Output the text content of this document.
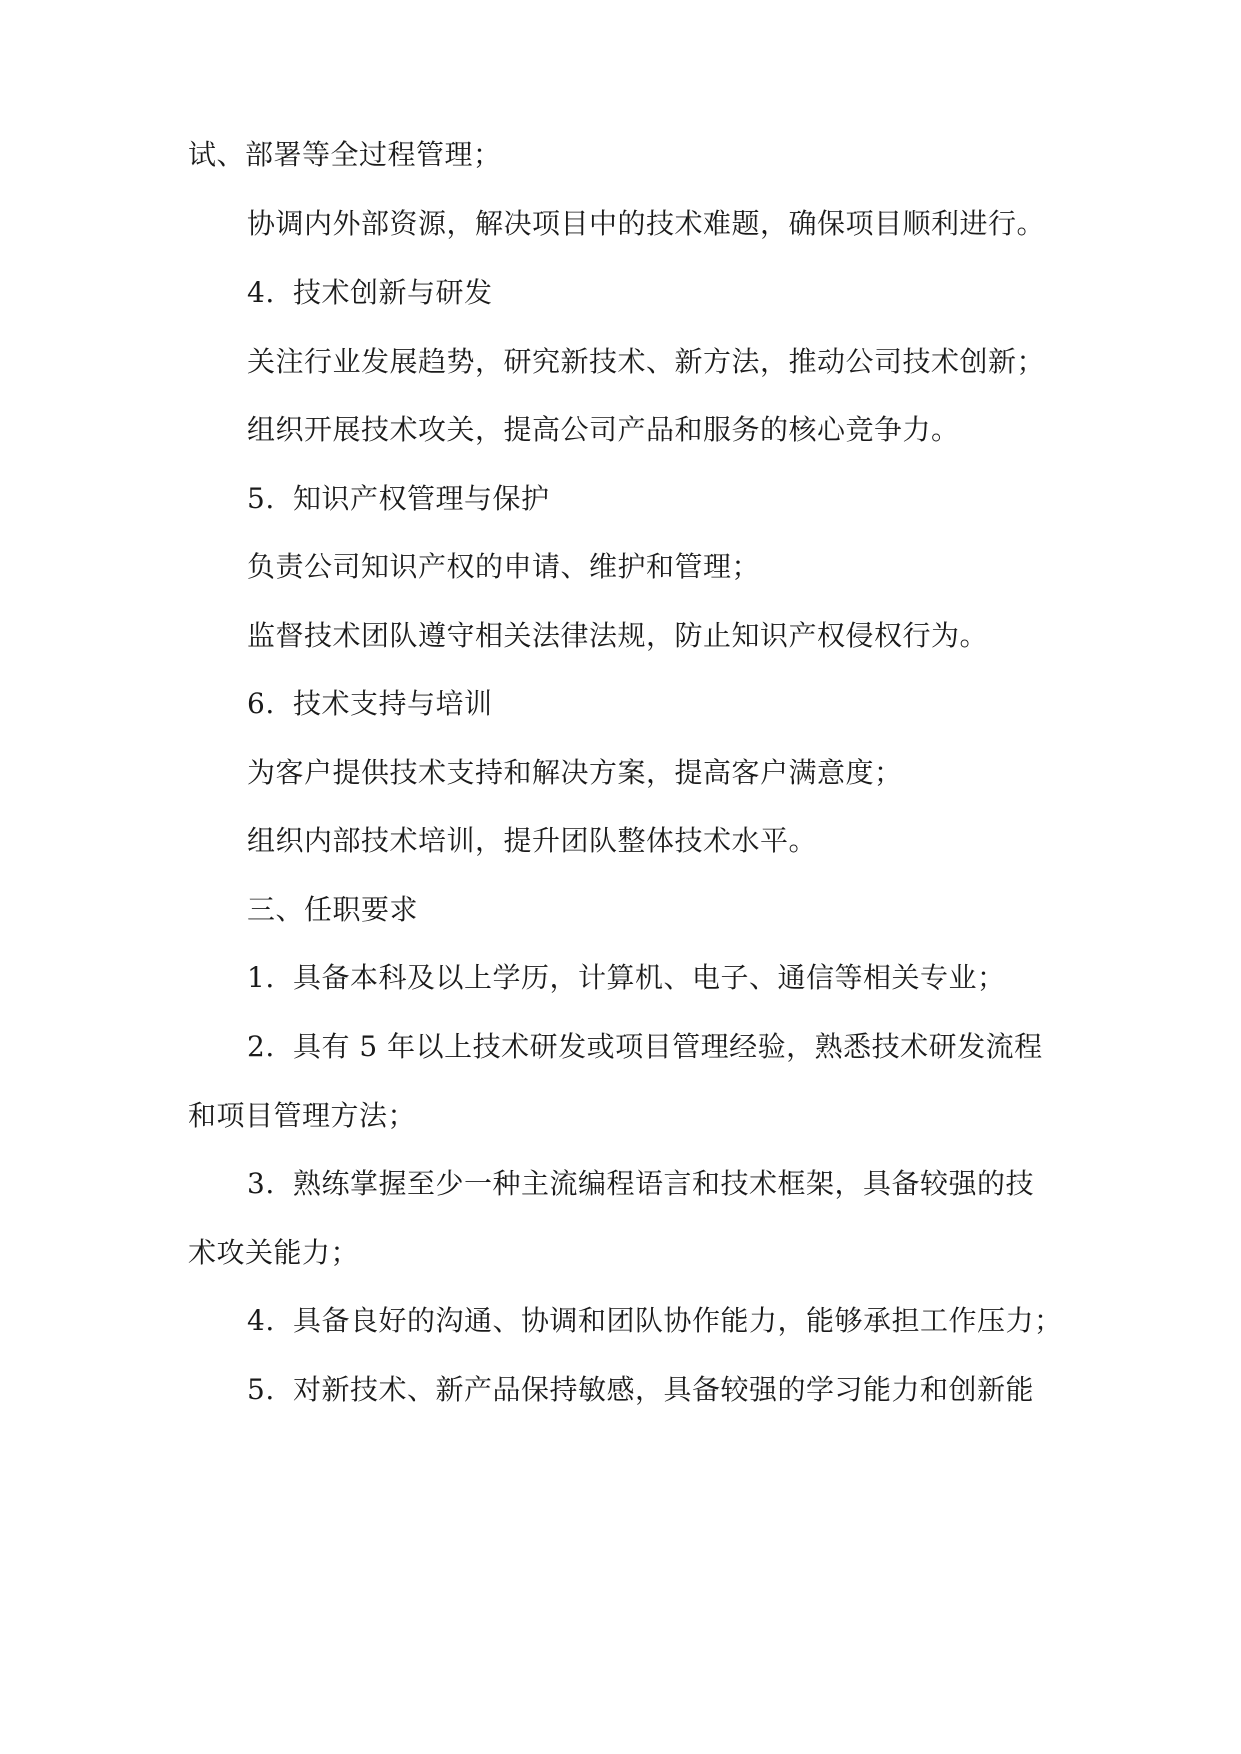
试、部署等全过程管理；
协调内外部资源，解决项目中的技术难题，确保项目顺利进行。
4. 技术创新与研发
关注行业发展趋势，研究新技术、新方法，推动公司技术创新；
组织开展技术攻关，提高公司产品和服务的核心竞争力。
5. 知识产权管理与保护
负责公司知识产权的申请、维护和管理；
监督技术团队遵守相关法律法规，防止知识产权侵权行为。
6. 技术支持与培训
为客户提供技术支持和解决方案，提高客户满意度；
组织内部技术培训，提升团队整体技术水平。
三、任职要求
1. 具备本科及以上学历，计算机、电子、通信等相关专业；
2. 具有 5 年以上技术研发或项目管理经验，熟悉技术研发流程
和项目管理方法；
3. 熟练掌握至少一种主流编程语言和技术框架，具备较强的技
术攻关能力；
4. 具备良好的沟通、协调和团队协作能力，能够承担工作压力；
5. 对新技术、新产品保持敏感，具备较强的学习能力和创新能
